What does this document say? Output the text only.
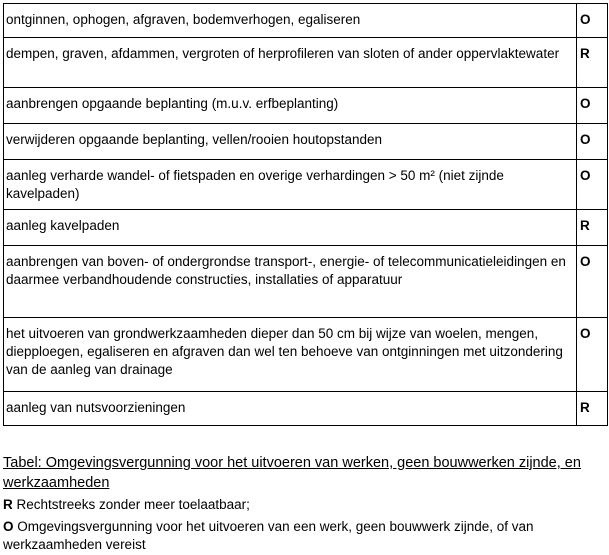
ontginnen, ophogen, afgraven, bodemverhogen, egaliseren	O
dempen, graven, afdammen, vergroten of herprofileren van sloten of ander oppervlaktewater	R
aanbrengen opgaande beplanting (m.u.v. erfbeplanting)	O
verwijderen opgaande beplanting, vellen/rooien houtopstanden	O
aanleg verharde wandel- of fietspaden en overige verhardingen > 50 m² (niet zijnde kavelpaden)	O
aanleg kavelpaden	R
aanbrengen van boven- of ondergrondse transport-, energie- of telecommunicatieleidingen en daarmee verbandhoudende constructies, installaties of apparatuur	O
het uitvoeren van grondwerkzaamheden dieper dan 50 cm bij wijze van woelen, mengen, diepploegen, egaliseren en afgraven dan wel ten behoeve van ontginningen met uitzondering van de aanleg van drainage	O
aanleg van nutsvoorzieningen	R
Tabel: Omgevingsvergunning voor het uitvoeren van werken, geen bouwwerken zijnde, en werkzaamheden
R Rechtstreeks zonder meer toelaatbaar;
O Omgevingsvergunning voor het uitvoeren van een werk, geen bouwwerk zijnde, of van werkzaamheden vereist
